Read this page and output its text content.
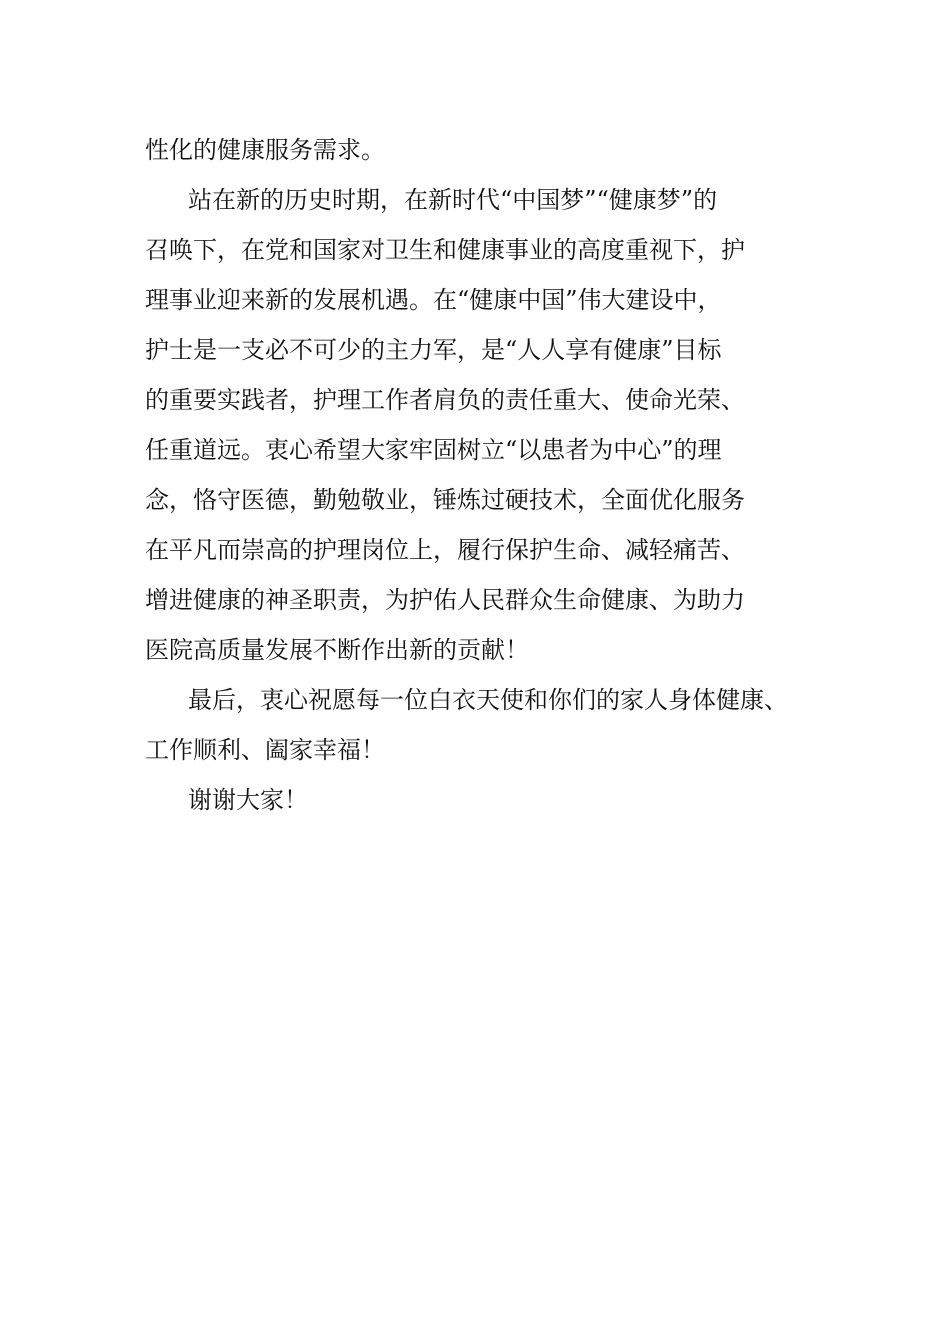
性化的健康服务需求。
站在新的历史时期，在新时代“中国梦”“健康梦”的
召唤下，在党和国家对卫生和健康事业的高度重视下，护
理事业迎来新的发展机遇。在“健康中国”伟大建设中，
护士是一支必不可少的主力军，是“人人享有健康”目标
的重要实践者，护理工作者肩负的责任重大、使命光荣、
任重道远。衷心希望大家牢固树立“以患者为中心”的理
念，恪守医德，勤勉敬业，锤炼过硬技术，全面优化服务
在平凡而崇高的护理岗位上，履行保护生命、减轻痛苦、
增进健康的神圣职责，为护佑人民群众生命健康、为助力
医院高质量发展不断作出新的贡献！
最后，衷心祝愿每一位白衣天使和你们的家人身体健康、
工作顺利、阖家幸福！
谢谢大家！
